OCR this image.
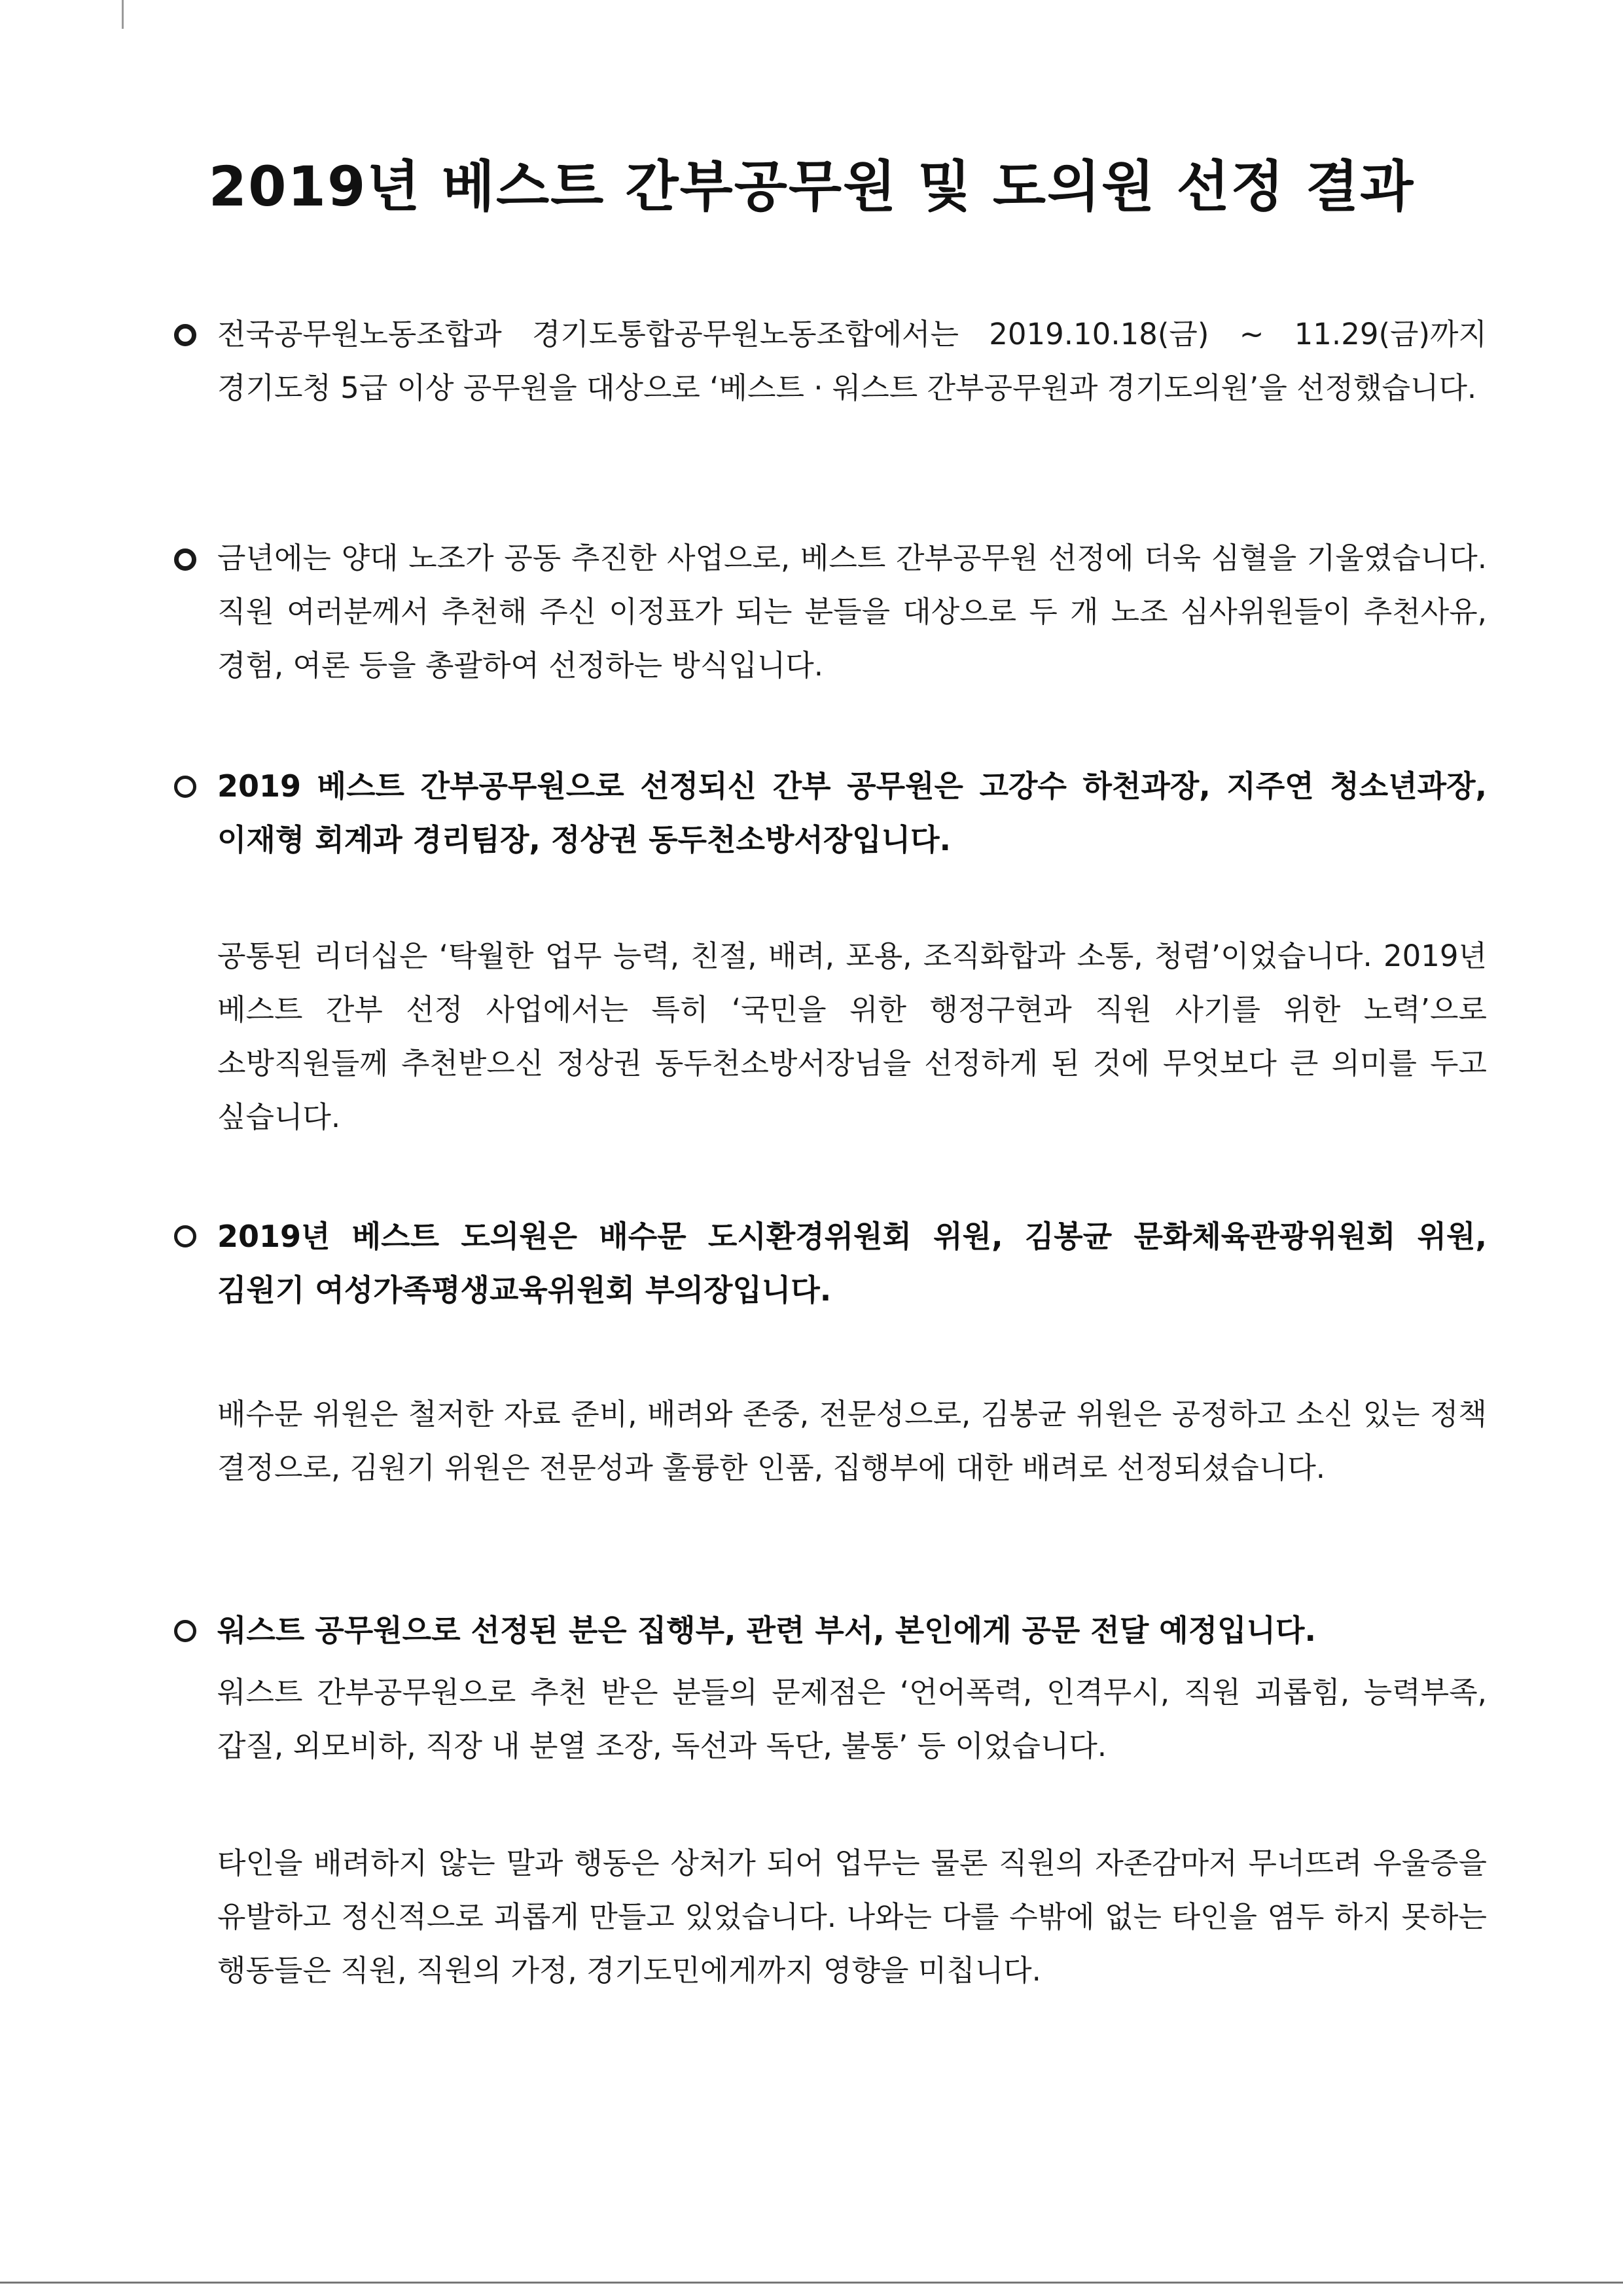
2019년 베스트 간부공무원 및 도의원 선정 결과

전국공무원노동조합과 경기도통합공무원노동조합에서는 2019.10.18(금) ~ 11.29(금)까지 경기도청 5급 이상 공무원을 대상으로 ‘베스트 · 워스트 간부공무원과 경기도의원’을 선정했습니다.

금년에는 양대 노조가 공동 추진한 사업으로, 베스트 간부공무원 선정에 더욱 심혈을 기울였습니다. 직원 여러분께서 추천해 주신 이정표가 되는 분들을 대상으로 두 개 노조 심사위원들이 추천사유, 경험, 여론 등을 총괄하여 선정하는 방식입니다.

2019 베스트 간부공무원으로 선정되신 간부 공무원은 고강수 하천과장, 지주연 청소년과장, 이재형 회계과 경리팀장, 정상권 동두천소방서장입니다.

공통된 리더십은 ‘탁월한 업무 능력, 친절, 배려, 포용, 조직화합과 소통, 청렴’이었습니다. 2019년 베스트 간부 선정 사업에서는 특히 ‘국민을 위한 행정구현과 직원 사기를 위한 노력’으로 소방직원들께 추천받으신 정상권 동두천소방서장님을 선정하게 된 것에 무엇보다 큰 의미를 두고 싶습니다.

2019년 베스트 도의원은 배수문 도시환경위원회 위원, 김봉균 문화체육관광위원회 위원, 김원기 여성가족평생교육위원회 부의장입니다.

배수문 위원은 철저한 자료 준비, 배려와 존중, 전문성으로, 김봉균 위원은 공정하고 소신 있는 정책 결정으로, 김원기 위원은 전문성과 훌륭한 인품, 집행부에 대한 배려로 선정되셨습니다.

워스트 공무원으로 선정된 분은 집행부, 관련 부서, 본인에게 공문 전달 예정입니다.

워스트 간부공무원으로 추천 받은 분들의 문제점은 ‘언어폭력, 인격무시, 직원 괴롭힘, 능력부족, 갑질, 외모비하, 직장 내 분열 조장, 독선과 독단, 불통’ 등 이었습니다.

타인을 배려하지 않는 말과 행동은 상처가 되어 업무는 물론 직원의 자존감마저 무너뜨려 우울증을 유발하고 정신적으로 괴롭게 만들고 있었습니다. 나와는 다를 수밖에 없는 타인을 염두 하지 못하는 행동들은 직원, 직원의 가정, 경기도민에게까지 영향을 미칩니다.
